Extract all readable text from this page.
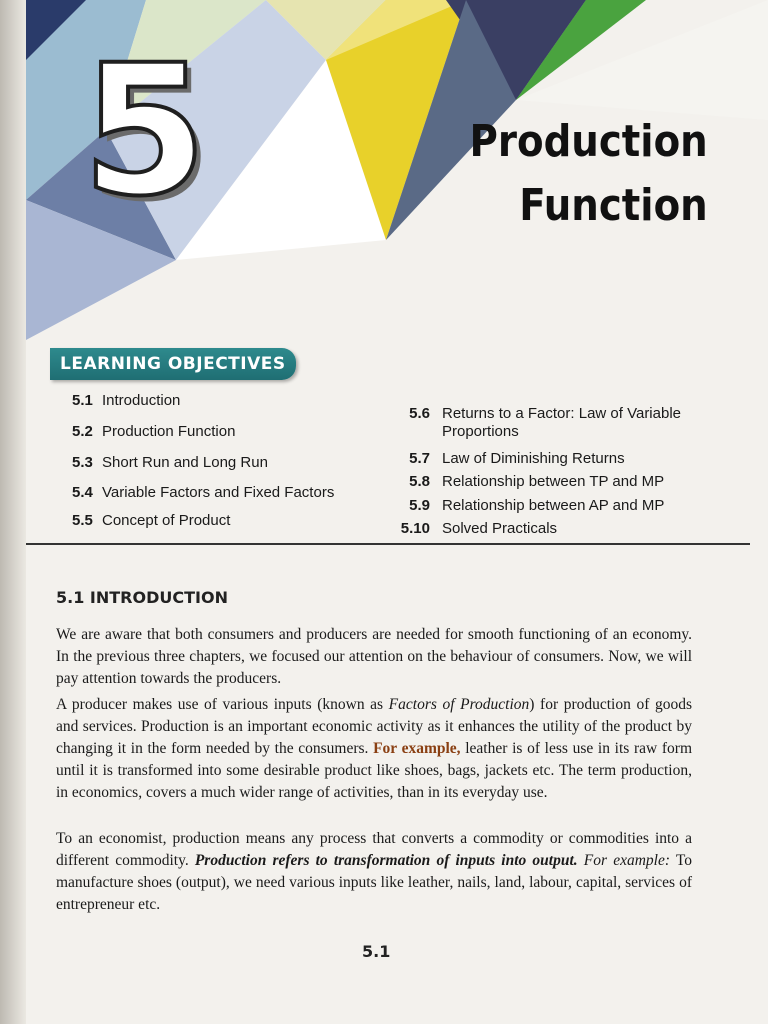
5	Production
Function
LEARNING OBJECTIVES
5.1 Introduction
5.2 Production Function
5.3 Short Run and Long Run
5.4 Variable Factors and Fixed Factors
5.5 Concept of Product
5.6 Returns to a Factor: Law of Variable Proportions
5.7 Law of Diminishing Returns
5.8 Relationship between TP and MP
5.9 Relationship between AP and MP
5.10 Solved Practicals
5.1 INTRODUCTION
We are aware that both consumers and producers are needed for smooth functioning of an economy. In the previous three chapters, we focused our attention on the behaviour of consumers. Now, we will pay attention towards the producers.
A producer makes use of various inputs (known as Factors of Production) for production of goods and services. Production is an important economic activity as it enhances the utility of the product by changing it in the form needed by the consumers. For example, leather is of less use in its raw form until it is transformed into some desirable product like shoes, bags, jackets etc. The term production, in economics, covers a much wider range of activities, than in its everyday use.
To an economist, production means any process that converts a commodity or commodities into a different commodity. Production refers to transformation of inputs into output. For example: To manufacture shoes (output), we need various inputs like leather, nails, land, labour, capital, services of entrepreneur etc.
5.1
